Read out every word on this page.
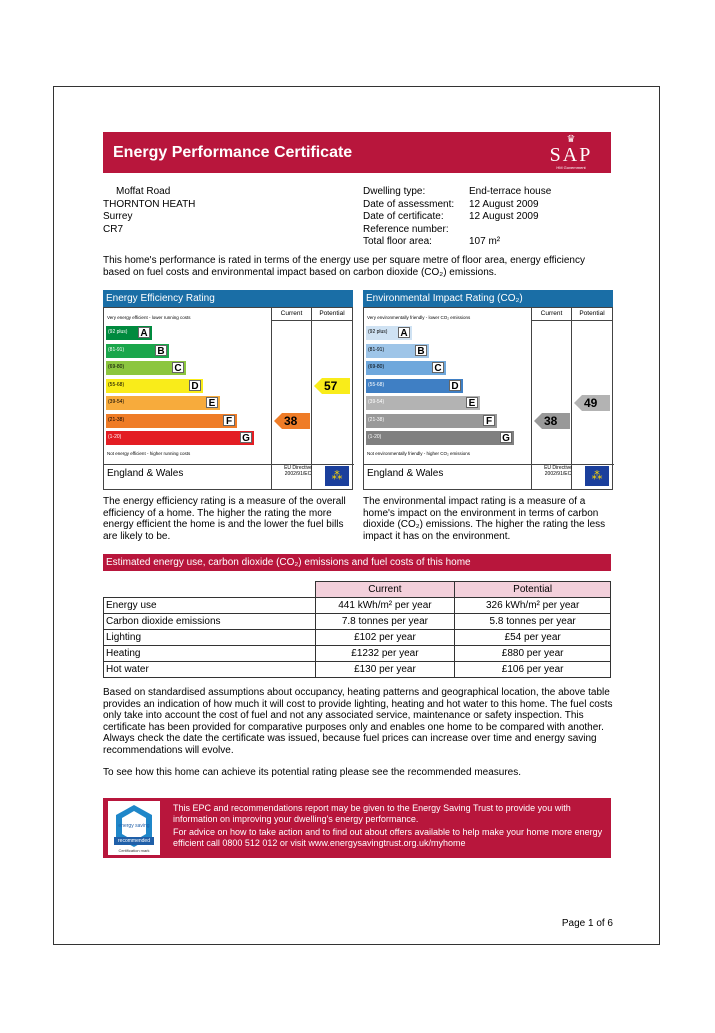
Energy Performance Certificate
♛
SAP
HM Government
Moffat Road
THORNTON HEATH
Surrey
CR7
Dwelling type:	End-terrace house
Date of assessment:	12 August 2009
Date of certificate:	12 August 2009
Reference number:
Total floor area:	107 m²
This home's performance is rated in terms of the energy use per square metre of floor area, energy efficiency based on fuel costs and environmental impact based on carbon dioxide (CO₂) emissions.
Energy Efficiency Rating
Current	Potential
Very energy efficient - lower running costs
Not energy efficient - higher running costs
England & Wales	EU Directive 2002/91/EC	⁂
(92 plus) A
(81-91)	B
(69-80)	C
(55-68)	D
(39-54)	E
(21-38)	F
(1-20)	G
38
57
Environmental Impact Rating (CO₂)
Current	Potential
Very environmentally friendly - lower CO₂ emissions
Not environmentally friendly - higher CO₂ emissions
England & Wales	EU Directive 2002/91/EC	⁂
(92 plus) A
(81-91)	B
(69-80)	C
(55-68)	D
(39-54)	E
(21-38)	F
(1-20)	G
38
49
The energy efficiency rating is a measure of the overall efficiency of a home. The higher the rating the more energy efficient the home is and the lower the fuel bills are likely to be.
The environmental impact rating is a measure of a home's impact on the environment in terms of carbon dioxide (CO₂) emissions. The higher the rating the less impact it has on the environment.
Estimated energy use, carbon dioxide (CO₂) emissions and fuel costs of this home
	Current	Potential
Energy use	441 kWh/m² per year	326 kWh/m² per year
Carbon dioxide emissions	7.8 tonnes per year	5.8 tonnes per year
Lighting	£102 per year	£54 per year
Heating	£1232 per year	£880 per year
Hot water	£130 per year	£106 per year
Based on standardised assumptions about occupancy, heating patterns and geographical location, the above table provides an indication of how much it will cost to provide lighting, heating and hot water to this home. The fuel costs only take into account the cost of fuel and not any associated service, maintenance or safety inspection. This certificate has been provided for comparative purposes only and enables one home to be compared with another. Always check the date the certificate was issued, because fuel prices can increase over time and energy saving recommendations will evolve.
To see how this home can achieve its potential rating please see the recommended measures.
energy saving
recommended
Certification mark
This EPC and recommendations report may be given to the Energy Saving Trust to provide you with information on improving your dwelling's energy performance.
For advice on how to take action and to find out about offers available to help make your home more energy efficient call 0800 512 012 or visit www.energysavingtrust.org.uk/myhome
Page 1 of 6
